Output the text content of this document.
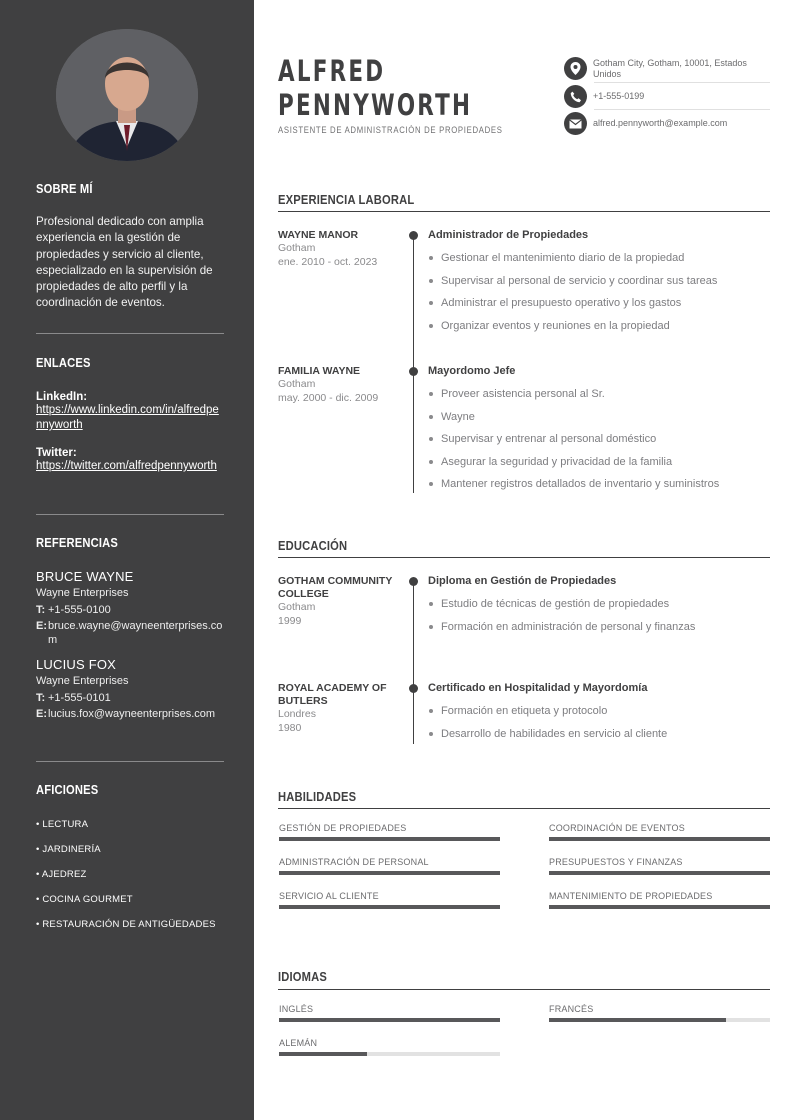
SOBRE MÍ

Profesional dedicado con amplia experiencia en la gestión de propiedades y servicio al cliente, especializado en la supervisión de propiedades de alto perfil y la coordinación de eventos.

ENLACES
LinkedIn:
https://www.linkedin.com/in/alfredpennyworth
Twitter:
https://twitter.com/alfredpennyworth
REFERENCIAS
BRUCE WAYNE
Wayne Enterprises
T: +1-555-0100
E: bruce.wayne@wayneenterprises.com
LUCIUS FOX
Wayne Enterprises
T: +1-555-0101
E: lucius.fox@wayneenterprises.com
AFICIONES
• LECTURA
• JARDINERÍA
• AJEDREZ
• COCINA GOURMET
• RESTAURACIÓN DE ANTIGÜEDADES
ALFRED
PENNYWORTH
ASISTENTE DE ADMINISTRACIÓN DE PROPIEDADES
Gotham City, Gotham, 10001, Estados Unidos
+1-555-0199
alfred.pennyworth@example.com
EXPERIENCIA LABORAL
WAYNE MANOR
Gotham
ene. 2010 - oct. 2023
Administrador de Propiedades
Gestionar el mantenimiento diario de la propiedad
Supervisar al personal de servicio y coordinar sus tareas
Administrar el presupuesto operativo y los gastos
Organizar eventos y reuniones en la propiedad
FAMILIA WAYNE
Gotham
may. 2000 - dic. 2009
Mayordomo Jefe
Proveer asistencia personal al Sr.
Wayne
Supervisar y entrenar al personal doméstico
Asegurar la seguridad y privacidad de la familia
Mantener registros detallados de inventario y suministros
EDUCACIÓN
GOTHAM COMMUNITY COLLEGE
Gotham
1999
Diploma en Gestión de Propiedades
Estudio de técnicas de gestión de propiedades
Formación en administración de personal y finanzas
ROYAL ACADEMY OF BUTLERS
Londres
1980
Certificado en Hospitalidad y Mayordomía
Formación en etiqueta y protocolo
Desarrollo de habilidades en servicio al cliente
HABILIDADES
GESTIÓN DE PROPIEDADES	COORDINACIÓN DE EVENTOS
ADMINISTRACIÓN DE PERSONAL	PRESUPUESTOS Y FINANZAS
SERVICIO AL CLIENTE	MANTENIMIENTO DE PROPIEDADES
IDIOMAS
INGLÉS	FRANCÉS
ALEMÁN
